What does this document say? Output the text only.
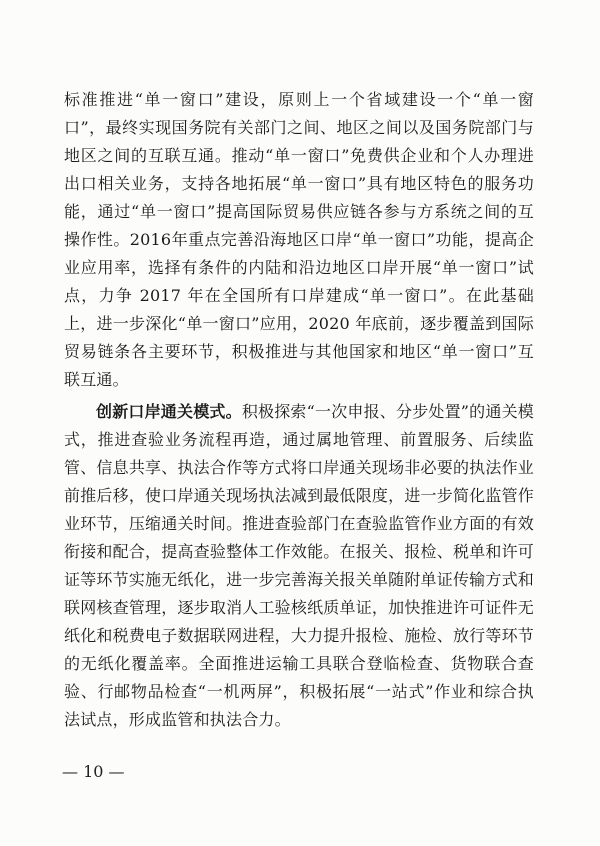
标准推进“单一窗口”建设，原则上一个省域建设一个“单一窗口”，最终实现国务院有关部门之间、地区之间以及国务院部门与地区之间的互联互通。推动“单一窗口”免费供企业和个人办理进出口相关业务，支持各地拓展“单一窗口”具有地区特色的服务功能，通过“单一窗口”提高国际贸易供应链各参与方系统之间的互操作性。2016年重点完善沿海地区口岸“单一窗口”功能，提高企业应用率，选择有条件的内陆和沿边地区口岸开展“单一窗口”试点，力争 2017 年在全国所有口岸建成“单一窗口”。在此基础上，进一步深化“单一窗口”应用，2020 年底前，逐步覆盖到国际贸易链条各主要环节，积极推进与其他国家和地区“单一窗口”互联互通。

创新口岸通关模式。积极探索“一次申报、分步处置”的通关模式，推进查验业务流程再造，通过属地管理、前置服务、后续监管、信息共享、执法合作等方式将口岸通关现场非必要的执法作业前推后移，使口岸通关现场执法减到最低限度，进一步简化监管作业环节，压缩通关时间。推进查验部门在查验监管作业方面的有效衔接和配合，提高查验整体工作效能。在报关、报检、税单和许可证等环节实施无纸化，进一步完善海关报关单随附单证传输方式和联网核查管理，逐步取消人工验核纸质单证，加快推进许可证件无纸化和税费电子数据联网进程，大力提升报检、施检、放行等环节的无纸化覆盖率。全面推进运输工具联合登临检查、货物联合查验、行邮物品检查“一机两屏”，积极拓展“一站式”作业和综合执法试点，形成监管和执法合力。

— 10 —
